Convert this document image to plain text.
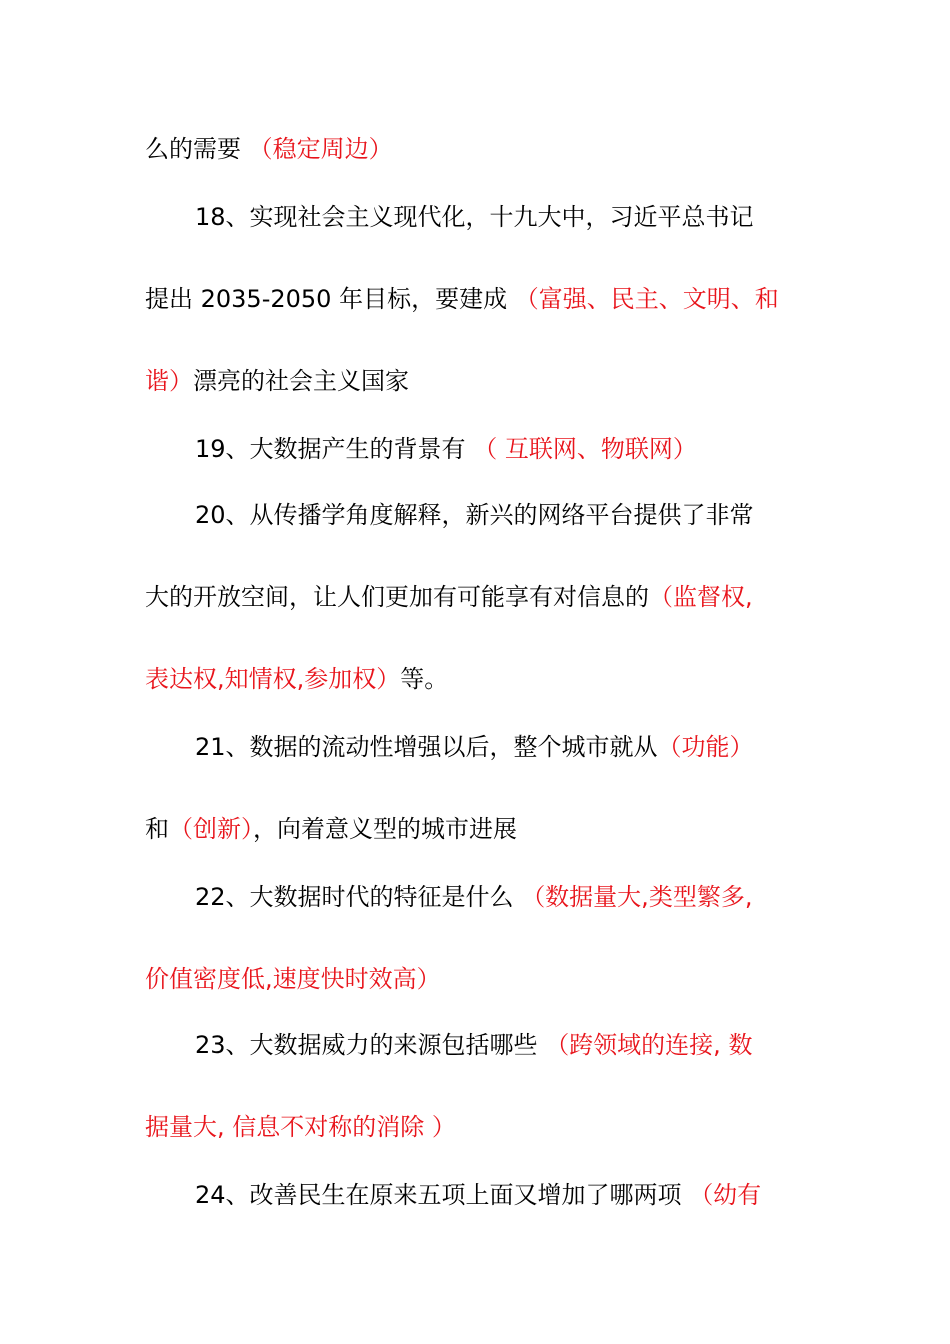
么的需要 （稳定周边）
18、实现社会主义现代化，十九大中，习近平总书记
提出 2035-2050 年目标，要建成 （富强、民主、文明、和
谐）漂亮的社会主义国家
19、大数据产生的背景有 （ 互联网、物联网）
20、从传播学角度解释，新兴的网络平台提供了非常
大的开放空间，让人们更加有可能享有对信息的（监督权,
表达权,知情权,参加权）等。
21、数据的流动性增强以后，整个城市就从（功能）
和（创新），向着意义型的城市进展
22、大数据时代的特征是什么 （数据量大,类型繁多,
价值密度低,速度快时效高）
23、大数据威力的来源包括哪些 （跨领域的连接, 数
据量大, 信息不对称的消除 ）
24、改善民生在原来五项上面又增加了哪两项 （幼有
